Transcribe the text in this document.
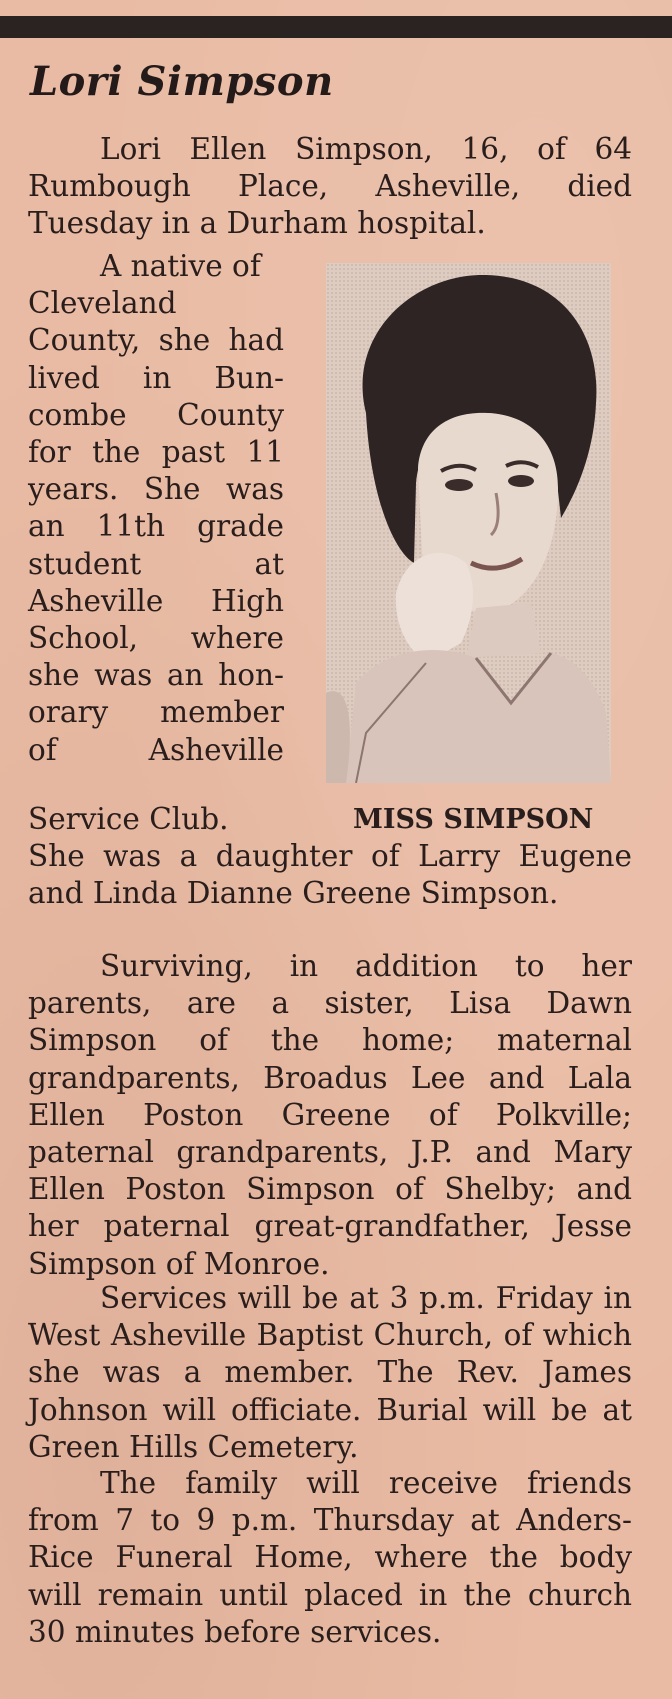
Lori Simpson

Lori Ellen Simpson, 16, of 64 Rumbough Place, Asheville, died Tuesday in a Durham hospital.

A native of
Cleveland
County, she had
lived in Bun-
combe County
for the past 11
years. She was
an 11th grade
student at
Asheville High
School, where
she was an hon-
orary member
of Asheville
Service Club.	MISS SIMPSON

She was a daughter of Larry Eugene and Linda Dianne Greene Simpson.

Surviving, in addition to her parents, are a sister, Lisa Dawn Simpson of the home; maternal grandparents, Broadus Lee and Lala Ellen Poston Greene of Polkville; paternal grandparents, J.P. and Mary Ellen Poston Simpson of Shelby; and her paternal great-grandfather, Jesse Simpson of Monroe.

Services will be at 3 p.m. Friday in West Asheville Baptist Church, of which she was a member. The Rev. James Johnson will officiate. Burial will be at Green Hills Cemetery.

The family will receive friends from 7 to 9 p.m. Thursday at Anders-Rice Funeral Home, where the body will remain until placed in the church 30 minutes before services.
